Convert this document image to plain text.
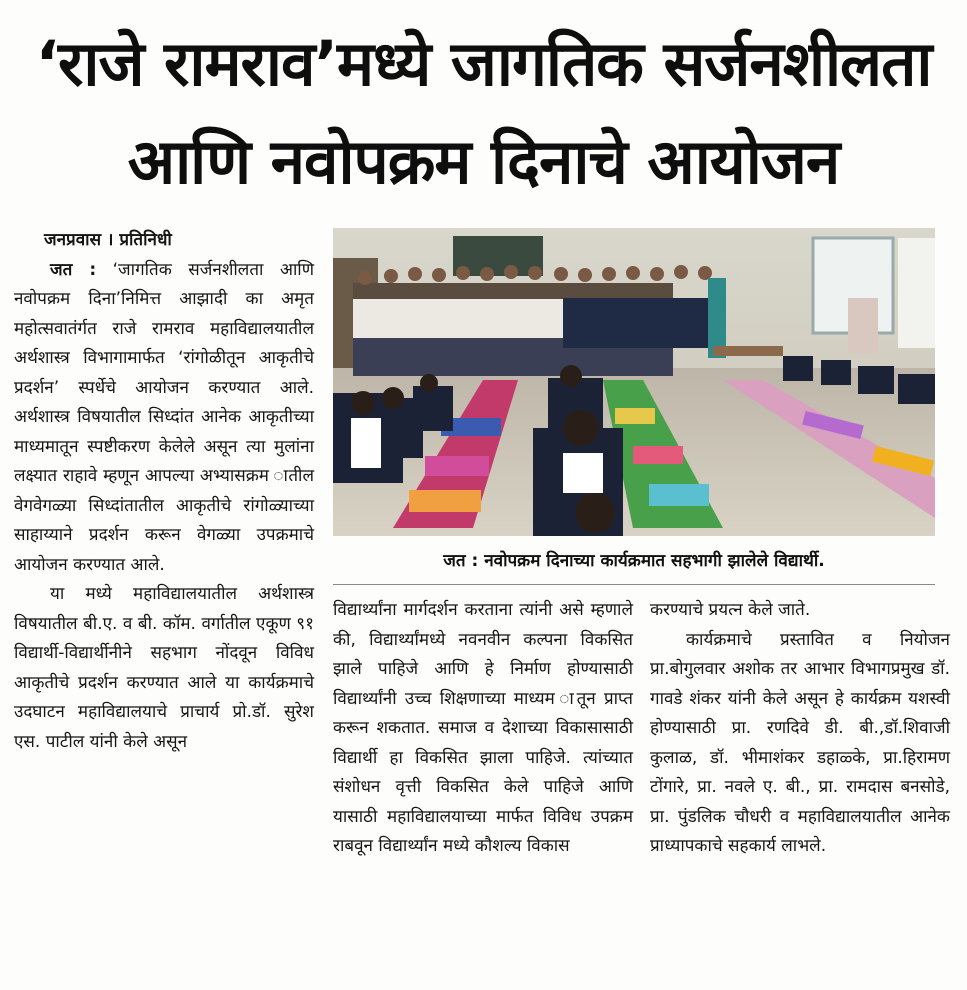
‘राजे रामराव’मध्ये जागतिक सर्जनशीलता
आणि नवोपक्रम दिनाचे आयोजन

जनप्रवास । प्रतिनिधी

जत : ‘जागतिक सर्जनशीलता आणि नवोपक्रम दिना’निमित्त आझादी का अमृत महोत्सवातंर्गत राजे रामराव महाविद्यालयातील अर्थशास्त्र विभागामार्फत ‘रांगोळीतून आकृतीचे प्रदर्शन’ स्पर्धेचे आयोजन करण्यात आले. अर्थशास्त्र विषयातील सिध्दांत आनेक आकृतीच्या माध्यमातून स्पष्टीकरण केलेले असून त्या मुलांना लक्ष्यात राहावे म्हणून आपल्या अभ्यासक्रम ातील वेगवेगळ्या सिध्दांतातील आकृतीचे रांगोळ्याच्या साहाय्याने प्रदर्शन करून वेगळ्या उपक्रमाचे आयोजन करण्यात आले.

या मध्ये महाविद्यालयातील अर्थशास्त्र विषयातील बी.ए. व बी. कॉम. वर्गातील एकूण ९१ विद्यार्थी-विद्यार्थीनीने सहभाग नोंदवून विविध आकृतीचे प्रदर्शन करण्यात आले या कार्यक्रमाचे उदघाटन महाविद्यालयाचे प्राचार्य प्रो.डॉ. सुरेश एस. पाटील यांनी केले असून

जत : नवोपक्रम दिनाच्या कार्यक्रमात सहभागी झालेले विद्यार्थी.

विद्यार्थ्यांना मार्गदर्शन करताना त्यांनी असे म्हणाले की, विद्यार्थ्यांमध्ये नवनवीन कल्पना विकसित झाले पाहिजे आणि हे निर्माण होण्यासाठी विद्यार्थ्यांनी उच्च शिक्षणाच्या माध्यम ातून प्राप्त करून शकतात. समाज व देशाच्या विकासासाठी विद्यार्थी हा विकसित झाला पाहिजे. त्यांच्यात संशोधन वृत्ती विकसित केले पाहिजे आणि यासाठी महाविद्यालयाच्या मार्फत विविध उपक्रम राबवून विद्यार्थ्यांन मध्ये कौशल्य विकास

करण्याचे प्रयत्न केले जाते.

कार्यक्रमाचे प्रस्तावित व नियोजन प्रा.बोगुलवार अशोक तर आभार विभागप्रमुख डॉ. गावडे शंकर यांनी केले असून हे कार्यक्रम यशस्वी होण्यासाठी प्रा. रणदिवे डी. बी.,डॉ.शिवाजी कुलाळ, डॉ. भीमाशंकर डहाळ्के, प्रा.हिरामण टोंगारे, प्रा. नवले ए. बी., प्रा. रामदास बनसोडे, प्रा. पुंडलिक चौधरी व महाविद्यालयातील आनेक प्राध्यापकाचे सहकार्य लाभले.
